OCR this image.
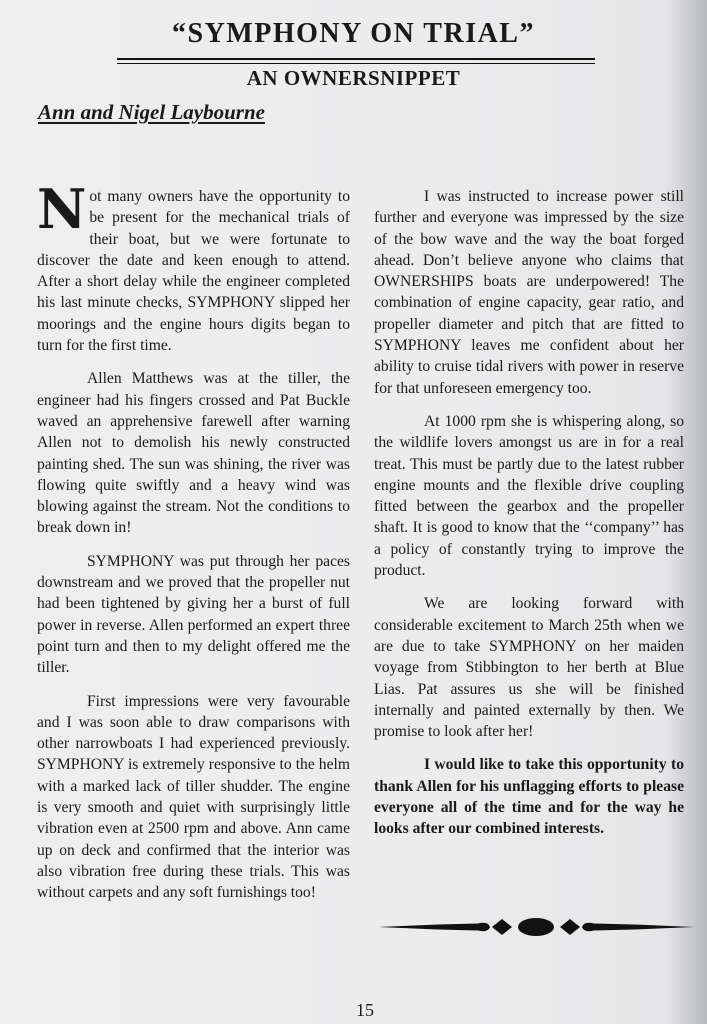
“SYMPHONY ON TRIAL”
AN OWNERSNIPPET
Ann and Nigel Laybourne

Not many owners have the opportunity to be present for the mechanical trials of their boat, but we were fortunate to discover the date and keen enough to attend. After a short delay while the engineer completed his last minute checks, SYMPHONY slipped her moorings and the engine hours digits began to turn for the first time.

Allen Matthews was at the tiller, the engineer had his fingers crossed and Pat Buckle waved an apprehensive farewell after warning Allen not to demolish his newly constructed painting shed. The sun was shining, the river was flowing quite swiftly and a heavy wind was blowing against the stream. Not the conditions to break down in!

SYMPHONY was put through her paces downstream and we proved that the propeller nut had been tightened by giving her a burst of full power in reverse. Allen performed an expert three point turn and then to my delight offered me the tiller.

First impressions were very favourable and I was soon able to draw comparisons with other narrowboats I had experienced previously. SYMPHONY is extremely responsive to the helm with a marked lack of tiller shudder. The engine is very smooth and quiet with surprisingly little vibration even at 2500 rpm and above. Ann came up on deck and confirmed that the interior was also vibration free during these trials. This was without carpets and any soft furnishings too!

I was instructed to increase power still further and everyone was impressed by the size of the bow wave and the way the boat forged ahead. Don’t believe anyone who claims that OWNERSHIPS boats are underpowered! The combination of engine capacity, gear ratio, and propeller diameter and pitch that are fitted to SYMPHONY leaves me confident about her ability to cruise tidal rivers with power in reserve for that unforeseen emergency too.

At 1000 rpm she is whispering along, so the wildlife lovers amongst us are in for a real treat. This must be partly due to the latest rubber engine mounts and the flexible drive coupling fitted between the gearbox and the propeller shaft. It is good to know that the ‘‘company’’ has a policy of constantly trying to improve the product.

We are looking forward with considerable excitement to March 25th when we are due to take SYMPHONY on her maiden voyage from Stibbington to her berth at Blue Lias. Pat assures us she will be finished internally and painted externally by then. We promise to look after her!

I would like to take this opportunity to thank Allen for his unflagging efforts to please everyone all of the time and for the way he looks after our combined interests.

15
